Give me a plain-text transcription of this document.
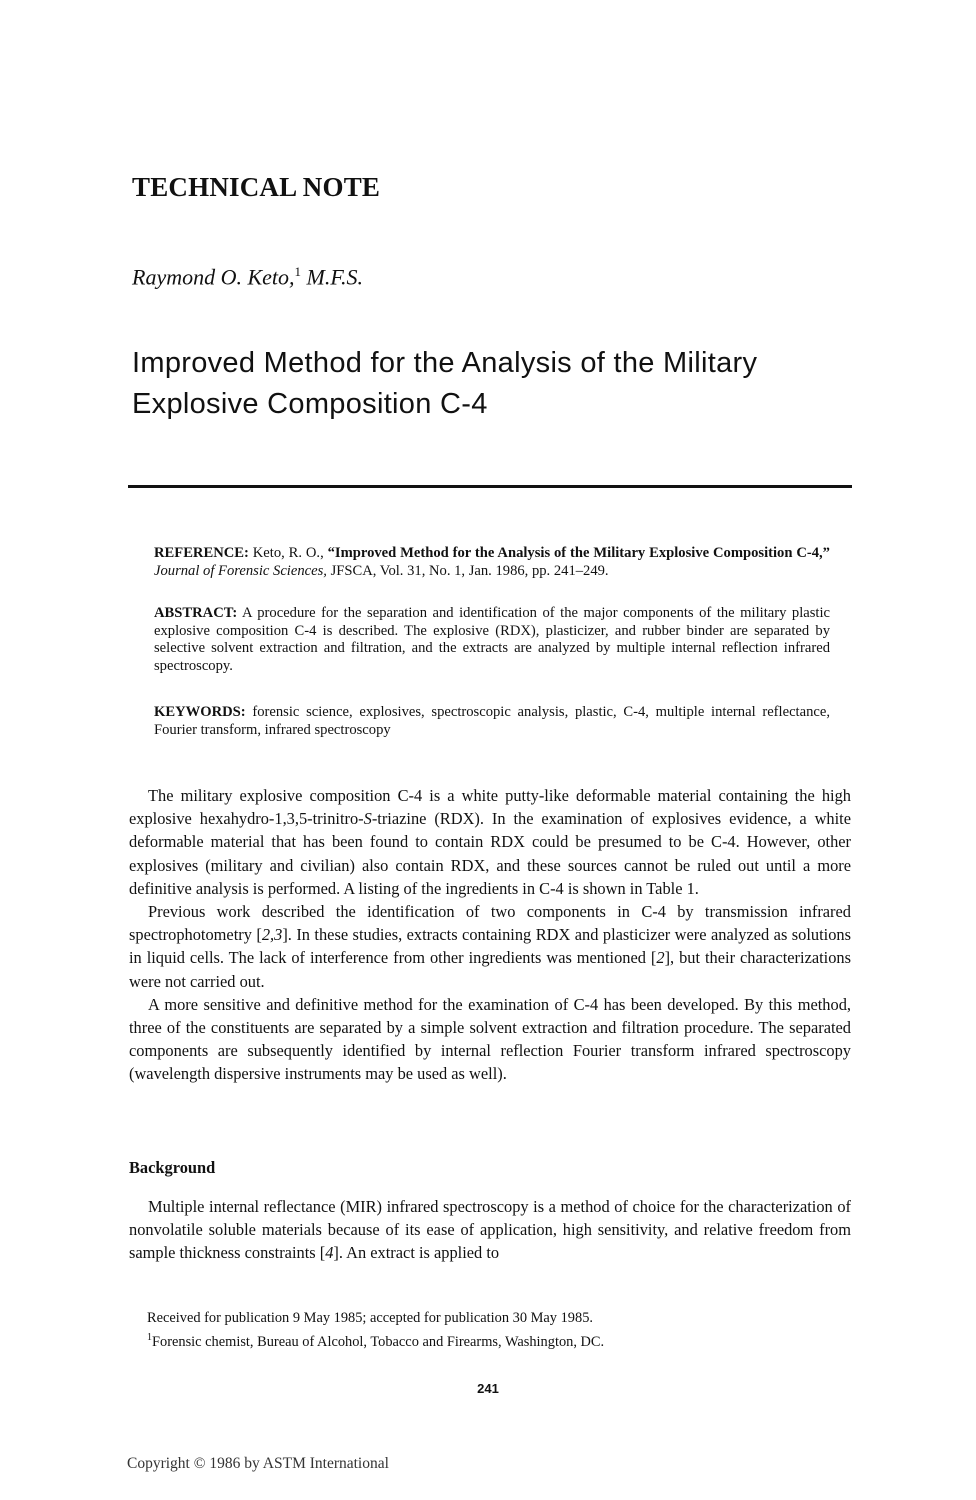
TECHNICAL NOTE
Raymond O. Keto,$^1$ M.F.S.
Improved Method for the Analysis of the Military
Explosive Composition C-4
REFERENCE: Keto, R. O., “Improved Method for the Analysis of the Military Explosive Composition C-4,” Journal of Forensic Sciences, JFSCA, Vol. 31, No. 1, Jan. 1986, pp. 241–249.
ABSTRACT: A procedure for the separation and identification of the major components of the military plastic explosive composition C-4 is described. The explosive (RDX), plasticizer, and rubber binder are separated by selective solvent extraction and filtration, and the extracts are analyzed by multiple internal reflection infrared spectroscopy.
KEYWORDS: forensic science, explosives, spectroscopic analysis, plastic, C-4, multiple internal reflectance, Fourier transform, infrared spectroscopy

The military explosive composition C-4 is a white putty-like deformable material containing the high explosive hexahydro-1,3,5-trinitro-S-triazine (RDX). In the examination of explosives evidence, a white deformable material that has been found to contain RDX could be presumed to be C-4. However, other explosives (military and civilian) also contain RDX, and these sources cannot be ruled out until a more definitive analysis is performed. A listing of the ingredients in C-4 is shown in Table 1.

Previous work described the identification of two components in C-4 by transmission infrared spectrophotometry [2,3]. In these studies, extracts containing RDX and plasticizer were analyzed as solutions in liquid cells. The lack of interference from other ingredients was mentioned [2], but their characterizations were not carried out.

A more sensitive and definitive method for the examination of C-4 has been developed. By this method, three of the constituents are separated by a simple solvent extraction and filtration procedure. The separated components are subsequently identified by internal reflection Fourier transform infrared spectroscopy (wavelength dispersive instruments may be used as well).

Background

Multiple internal reflectance (MIR) infrared spectroscopy is a method of choice for the characterization of nonvolatile soluble materials because of its ease of application, high sensitivity, and relative freedom from sample thickness constraints [4]. An extract is applied to

Received for publication 9 May 1985; accepted for publication 30 May 1985.
$^1$Forensic chemist, Bureau of Alcohol, Tobacco and Firearms, Washington, DC.
241
Copyright © 1986 by ASTM International
